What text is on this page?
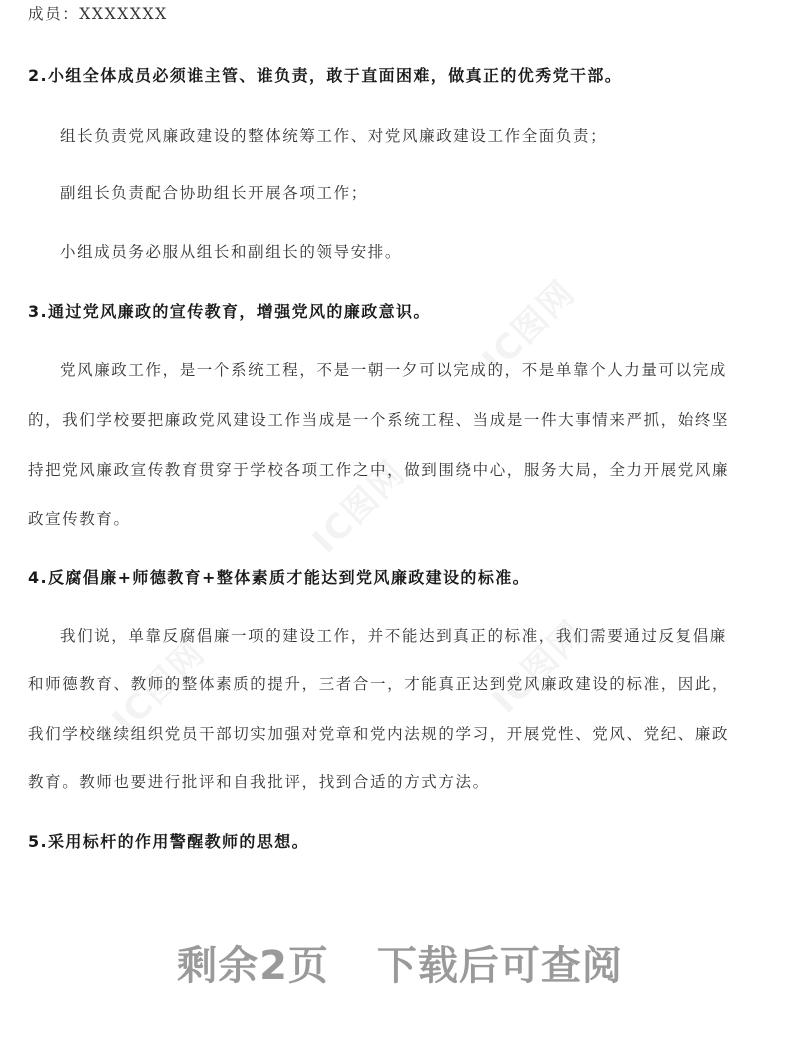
IC图网
IC图网
IC图网
IC图网
成员：XXXXXXX
2.小组全体成员必须谁主管、谁负责，敢于直面困难，做真正的优秀党干部。
组长负责党风廉政建设的整体统筹工作、对党风廉政建设工作全面负责；
副组长负责配合协助组长开展各项工作；
小组成员务必服从组长和副组长的领导安排。
3.通过党风廉政的宣传教育，增强党风的廉政意识。
党风廉政工作，是一个系统工程，不是一朝一夕可以完成的，不是单靠个人力量可以完成
的，我们学校要把廉政党风建设工作当成是一个系统工程、当成是一件大事情来严抓，始终坚
持把党风廉政宣传教育贯穿于学校各项工作之中，做到围绕中心，服务大局，全力开展党风廉
政宣传教育。
4.反腐倡廉+师德教育+整体素质才能达到党风廉政建设的标准。
我们说，单靠反腐倡廉一项的建设工作，并不能达到真正的标准，我们需要通过反复倡廉
和师德教育、教师的整体素质的提升，三者合一，才能真正达到党风廉政建设的标准，因此，
我们学校继续组织党员干部切实加强对党章和党内法规的学习，开展党性、党风、党纪、廉政
教育。教师也要进行批评和自我批评，找到合适的方式方法。
5.采用标杆的作用警醒教师的思想。
剩余2页 下载后可查阅
